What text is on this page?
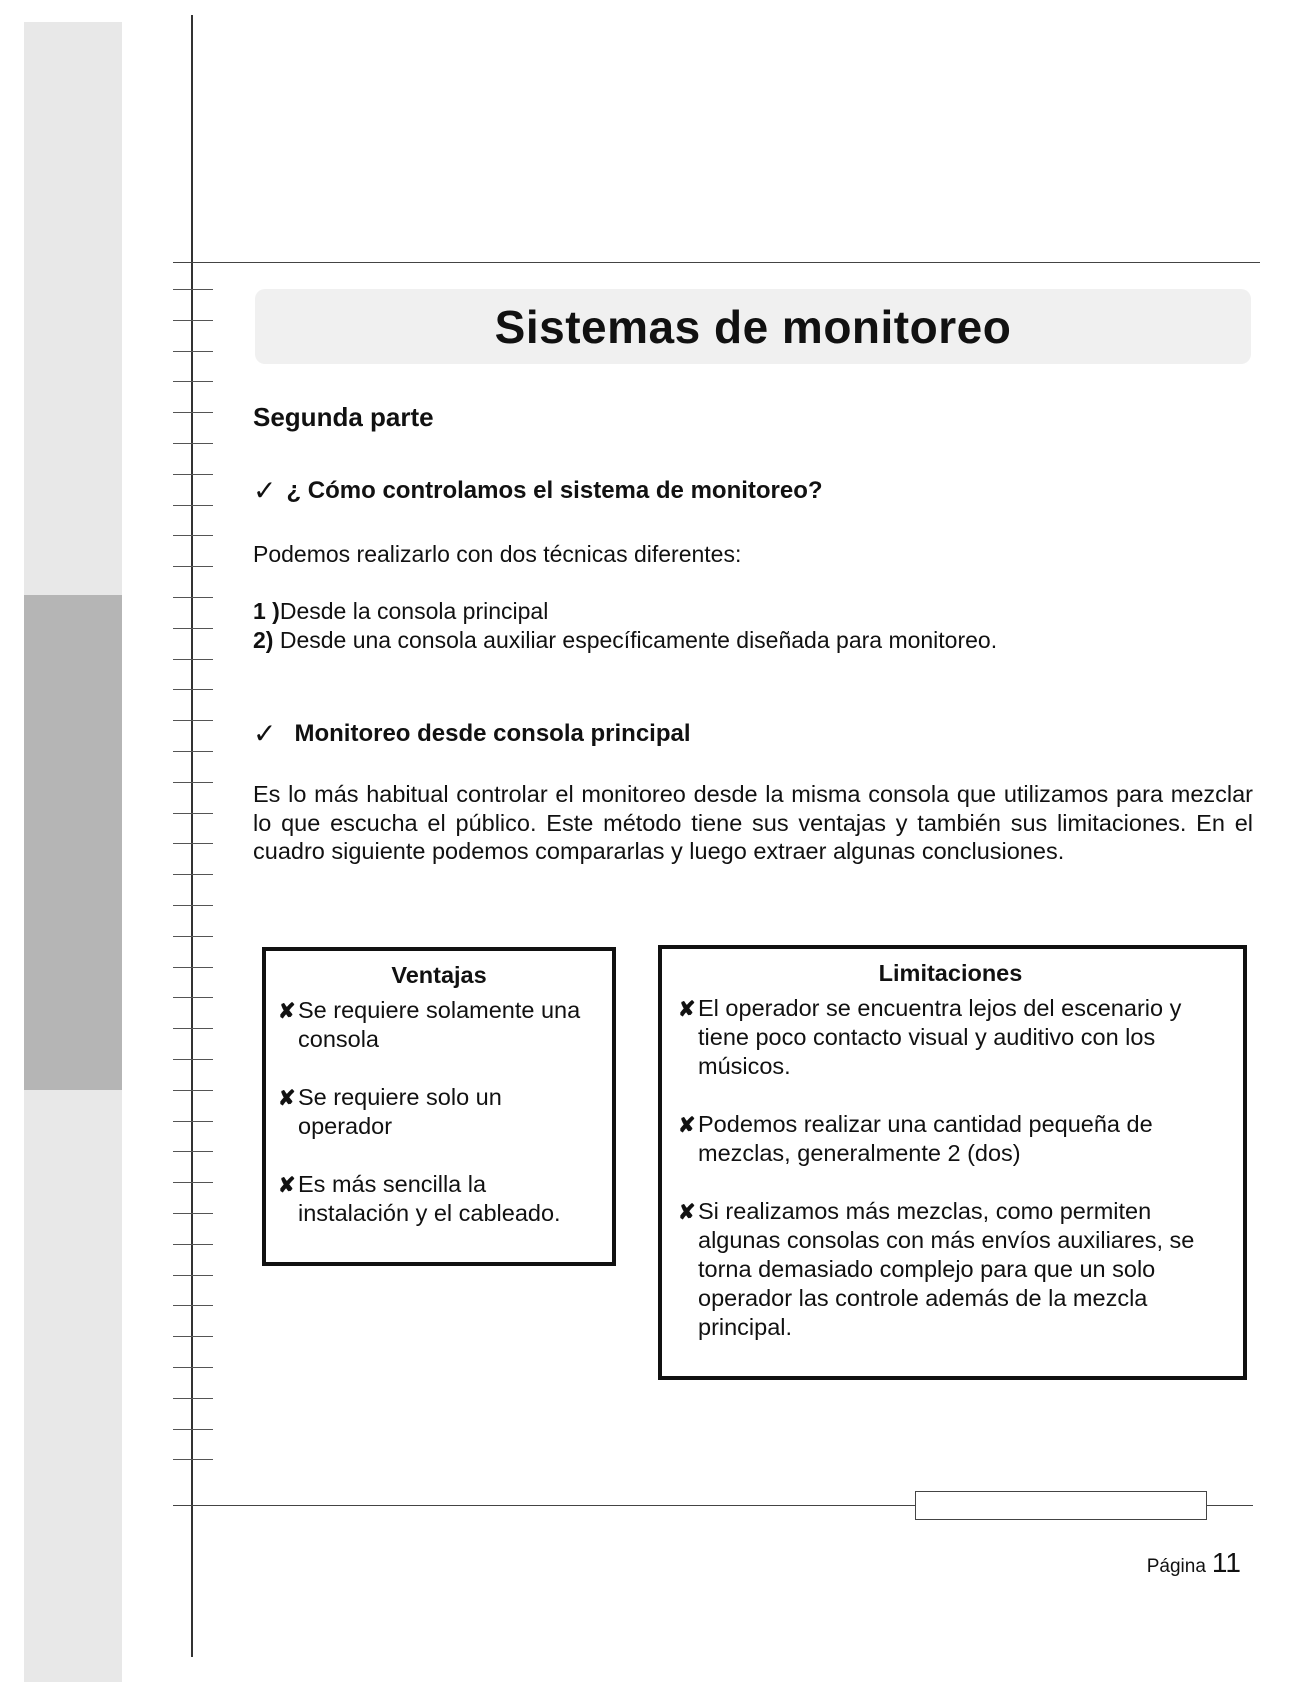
Sistemas de monitoreo
Segunda parte
✓ ¿ Cómo controlamos el sistema de monitoreo?
Podemos realizarlo con dos técnicas diferentes:
1 )Desde la consola principal
2) Desde una consola auxiliar específicamente diseñada para monitoreo.
✓ Monitoreo desde consola principal
Es lo más habitual controlar el monitoreo desde la misma consola que utilizamos para mezclar lo que escucha el público. Este método tiene sus ventajas y también sus limitaciones. En el cuadro siguiente podemos compararlas y luego extraer algunas conclusiones.
Ventajas
✘ Se requiere solamente una consola
✘ Se requiere solo un operador
✘ Es más sencilla la instalación y el cableado.
Limitaciones
✘ El operador se encuentra lejos del escenario y tiene poco contacto visual y auditivo con los músicos.
✘ Podemos realizar una cantidad pequeña de mezclas, generalmente 2 (dos)
✘ Si realizamos más mezclas, como permiten algunas consolas con más envíos auxiliares, se torna demasiado complejo para que un solo operador las controle además de la mezcla principal.
Página 11
